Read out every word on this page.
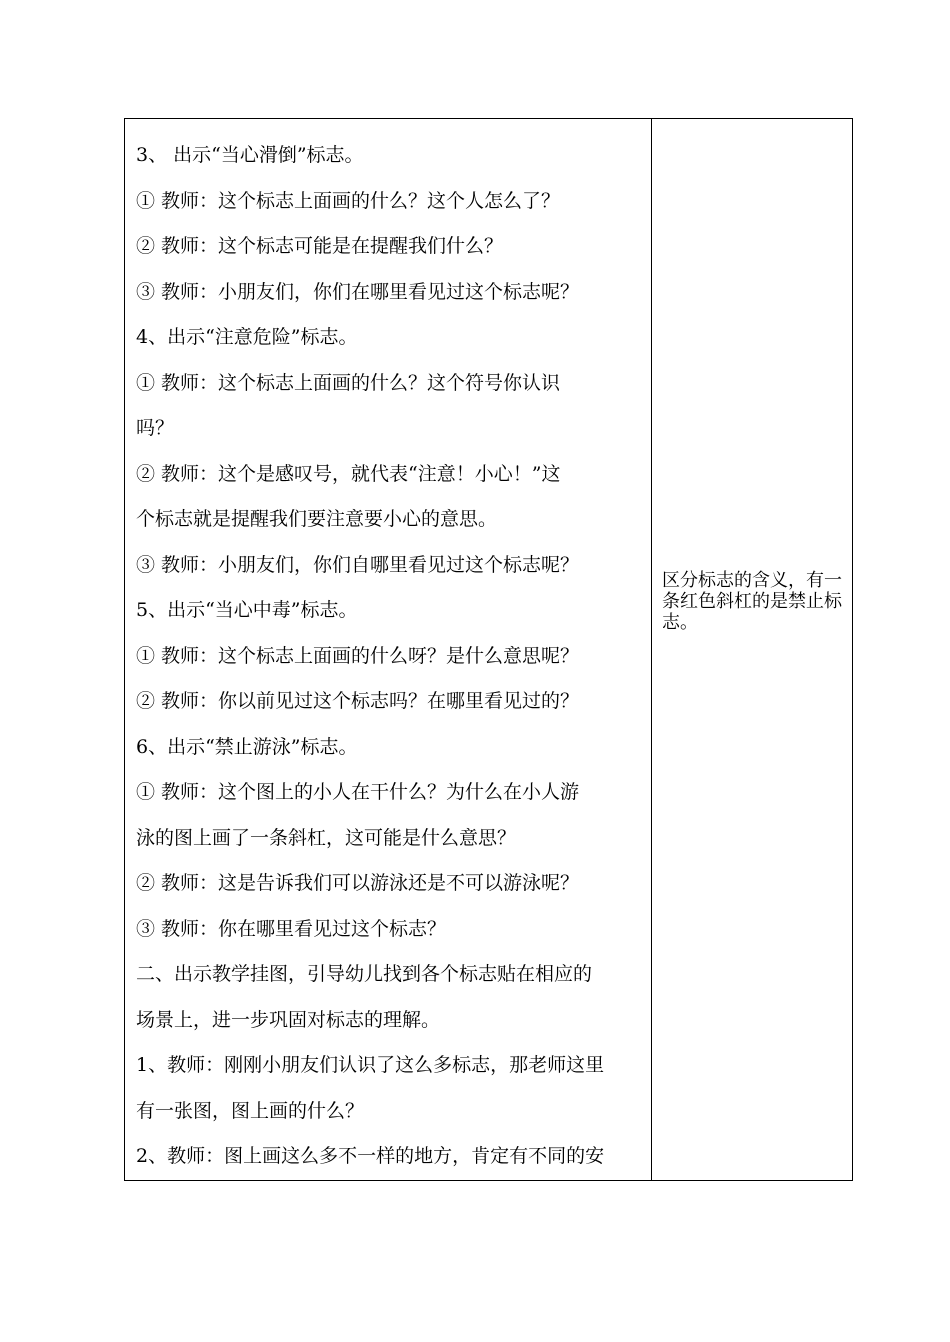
3、 出示“当心滑倒”标志。
① 教师：这个标志上面画的什么？这个人怎么了？
② 教师：这个标志可能是在提醒我们什么？
③ 教师：小朋友们，你们在哪里看见过这个标志呢？
4、出示“注意危险”标志。
① 教师：这个标志上面画的什么？这个符号你认识
吗？
② 教师：这个是感叹号，就代表“注意！小心！”这
个标志就是提醒我们要注意要小心的意思。
③ 教师：小朋友们，你们自哪里看见过这个标志呢？
5、出示“当心中毒”标志。
① 教师：这个标志上面画的什么呀？是什么意思呢？
② 教师：你以前见过这个标志吗？在哪里看见过的？
6、出示“禁止游泳”标志。
① 教师：这个图上的小人在干什么？为什么在小人游
泳的图上画了一条斜杠，这可能是什么意思？
② 教师：这是告诉我们可以游泳还是不可以游泳呢？
③ 教师：你在哪里看见过这个标志？
二、出示教学挂图，引导幼儿找到各个标志贴在相应的
场景上，进一步巩固对标志的理解。
1、教师：刚刚小朋友们认识了这么多标志，那老师这里
有一张图，图上画的什么？
2、教师：图上画这么多不一样的地方，肯定有不同的安

区分标志的含义，有一条红色斜杠的是禁止标志。
